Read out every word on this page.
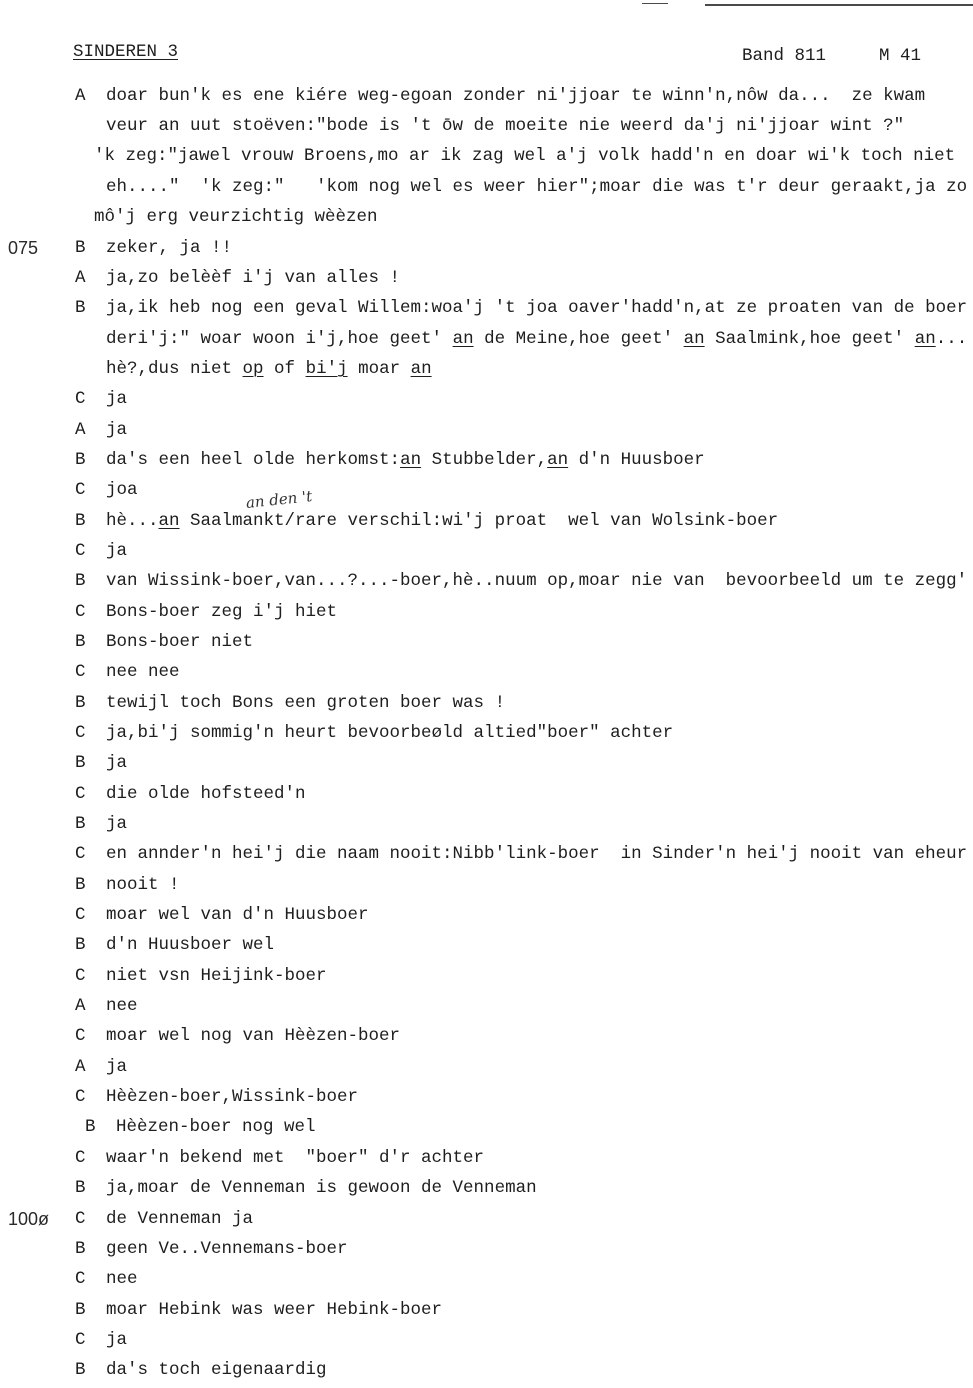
SINDEREN 3	Band 811	M 41
an den 't
A doar bun'k es ene kiére weg-egoan zonder ni'jjoar te winn'n,nôw da...  ze kwam
veur an uut stoëven:"bode is 't ōw de moeite nie weerd da'j ni'jjoar wint ?"
'k zeg:"jawel vrouw Broens,mo ar ik zag wel a'j volk hadd'n en doar wi'k toch niet
eh...."  'k zeg:"   'kom nog wel es weer hier";moar die was t'r deur geraakt,ja zo
mô'j erg veurzichtig wèèzen
075 B zeker, ja !!
A ja,zo belèèf i'j van alles !
B ja,ik heb nog een geval Willem:woa'j 't joa oaver'hadd'n,at ze proaten van de boer
deri'j:" woar woon i'j,hoe geet' an de Meine,hoe geet' an Saalmink,hoe geet' an...
hè?,dus niet op of bi'j moar an
C ja
A ja
B da's een heel olde herkomst:an Stubbelder,an d'n Huusboer
C joa
B hè...an Saalmankt/rare verschil:wi'j proat  wel van Wolsink-boer
C ja
B van Wissink-boer,van...?...-boer,hè..nuum op,moar nie van  bevoorbeeld um te zegg'
C Bons-boer zeg i'j hiet
B Bons-boer niet
C nee nee
B tewijl toch Bons een groten boer was !
C ja,bi'j sommig'n heurt bevoorbeøld altied"boer" achter
B ja
C die olde hofsteed'n
B ja
C en annder'n hei'j die naam nooit:Nibb'link-boer  in Sinder'n hei'j nooit van eheur
B nooit !
C moar wel van d'n Huusboer
B d'n Huusboer wel
C niet vsn Heijink-boer
A nee
C moar wel nog van Hèèzen-boer
A ja
C Hèèzen-boer,Wissink-boer
B Hèèzen-boer nog wel
C waar'n bekend met  "boer" d'r achter
B ja,moar de Venneman is gewoon de Venneman
100ø C de Venneman ja
B geen Ve..Vennemans-boer
C nee
B moar Hebink was weer Hebink-boer
C ja
B da's toch eigenaardig
